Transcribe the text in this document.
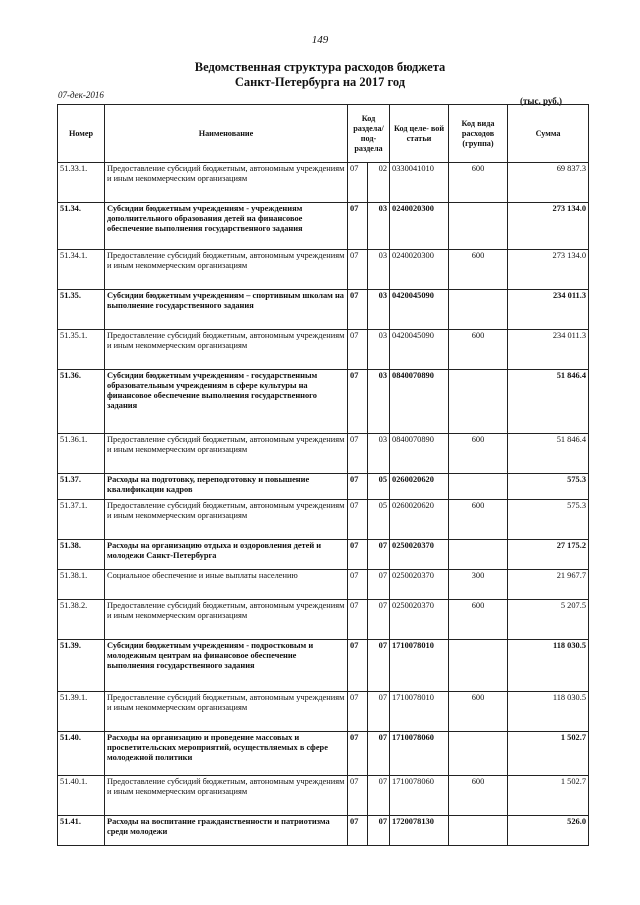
149
Ведомственная структура расходов бюджета
Санкт-Петербурга на 2017 год
07-дек-2016
(тыс. руб.)
Номер	Наименование	Код раздела/ под- раздела		Код целе- вой статьи	Код вида расходов (группа)	Сумма
51.33.1.	Предоставление субсидий бюджетным, автономным учреждениям и иным некоммерческим организациям	07	02	0330041010	600	69 837.3
51.34.	Субсидии бюджетным учреждениям - учреждениям дополнительного образования детей на финансовое обеспечение выполнения государственного задания	07	03	0240020300		273 134.0
51.34.1.	Предоставление субсидий бюджетным, автономным учреждениям и иным некоммерческим организациям	07	03	0240020300	600	273 134.0
51.35.	Субсидии бюджетным учреждениям – спортивным школам на выполнение государственного задания	07	03	0420045090		234 011.3
51.35.1.	Предоставление субсидий бюджетным, автономным учреждениям и иным некоммерческим организациям	07	03	0420045090	600	234 011.3
51.36.	Субсидии бюджетным учреждениям - государственным образовательным учреждениям в сфере культуры на финансовое обеспечение выполнения государственного задания	07	03	0840070890		51 846.4
51.36.1.	Предоставление субсидий бюджетным, автономным учреждениям и иным некоммерческим организациям	07	03	0840070890	600	51 846.4
51.37.	Расходы на подготовку, переподготовку и повышение квалификации кадров	07	05	0260020620		575.3
51.37.1.	Предоставление субсидий бюджетным, автономным учреждениям и иным некоммерческим организациям	07	05	0260020620	600	575.3
51.38.	Расходы на организацию отдыха и оздоровления детей и молодежи Санкт-Петербурга	07	07	0250020370		27 175.2
51.38.1.	Социальное обеспечение и иные выплаты населению	07	07	0250020370	300	21 967.7
51.38.2.	Предоставление субсидий бюджетным, автономным учреждениям и иным некоммерческим организациям	07	07	0250020370	600	5 207.5
51.39.	Субсидии бюджетным учреждениям - подростковым и молодежным центрам на финансовое обеспечение выполнения государственного задания	07	07	1710078010		118 030.5
51.39.1.	Предоставление субсидий бюджетным, автономным учреждениям и иным некоммерческим организациям	07	07	1710078010	600	118 030.5
51.40.	Расходы на организацию и проведение массовых и просветительских мероприятий, осуществляемых в сфере молодежной политики	07	07	1710078060		1 502.7
51.40.1.	Предоставление субсидий бюджетным, автономным учреждениям и иным некоммерческим организациям	07	07	1710078060	600	1 502.7
51.41.	Расходы на воспитание гражданственности и патриотизма среди молодежи	07	07	1720078130		526.0
